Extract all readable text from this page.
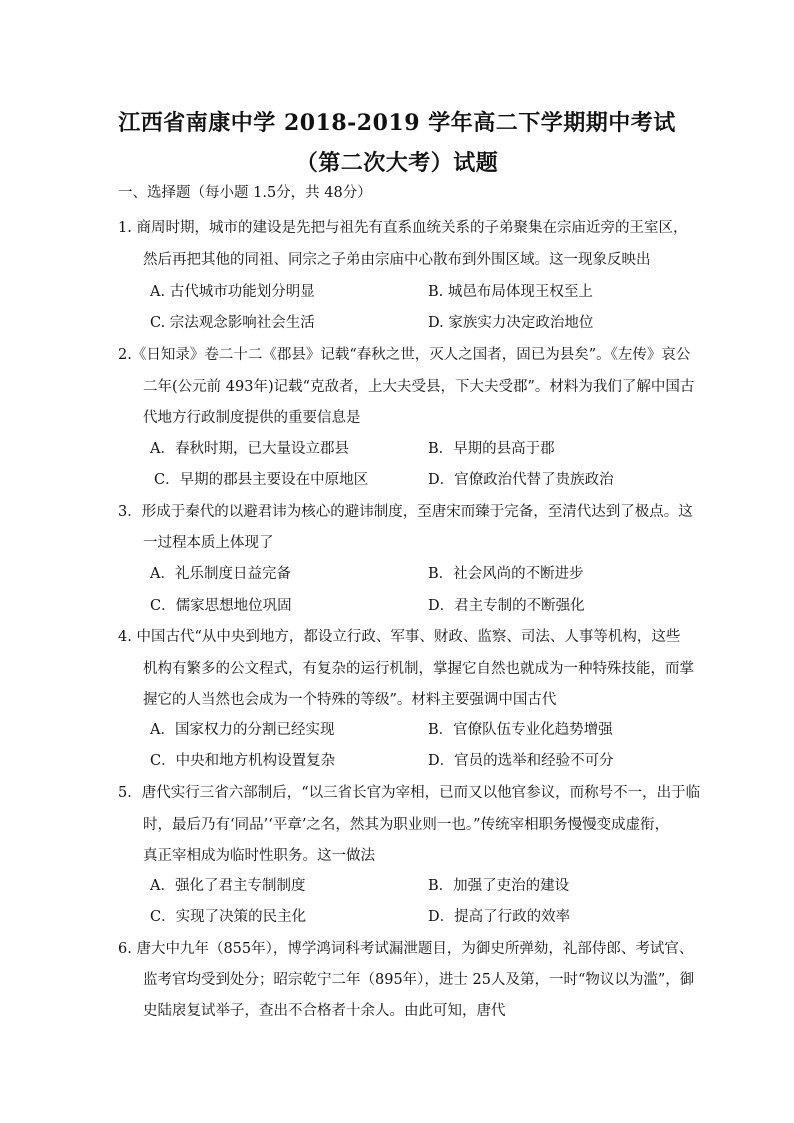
江西省南康中学 2018-2019 学年高二下学期期中考试
（第二次大考）试题
一、选择题（每小题 1.5分，共 48分）
1. 商周时期，城市的建设是先把与祖先有直系血统关系的子弟聚集在宗庙近旁的王室区，
然后再把其他的同祖、同宗之子弟由宗庙中心散布到外围区域。这一现象反映出
A. 古代城市功能划分明显	B. 城邑布局体现王权至上
C. 宗法观念影响社会生活	D. 家族实力决定政治地位
2.《日知录》卷二十二《郡县》记载“春秋之世，灭人之国者，固已为县矣”。《左传》哀公
二年(公元前 493年)记载“克敌者，上大夫受县，下大夫受郡”。材料为我们了解中国古
代地方行政制度提供的重要信息是
A．春秋时期，已大量设立郡县	B．早期的县高于郡
C．早期的郡县主要设在中原地区	D．官僚政治代替了贵族政治
3．形成于秦代的以避君讳为核心的避讳制度，至唐宋而臻于完备，至清代达到了极点。这
一过程本质上体现了
A．礼乐制度日益完备	B．社会风尚的不断进步
C．儒家思想地位巩固	D．君主专制的不断强化
4. 中国古代“从中央到地方，都设立行政、军事、财政、监察、司法、人事等机构，这些
机构有繁多的公文程式，有复杂的运行机制，掌握它自然也就成为一种特殊技能，而掌
握它的人当然也会成为一个特殊的等级”。材料主要强调中国古代
A．国家权力的分割已经实现	B．官僚队伍专业化趋势增强
C．中央和地方机构设置复杂	D．官员的选举和经验不可分
5．唐代实行三省六部制后，“以三省长官为宰相，已而又以他官参议，而称号不一，出于临
时，最后乃有‘同品’‘平章’之名，然其为职业则一也。”传统宰相职务慢慢变成虚衔，
真正宰相成为临时性职务。这一做法
A．强化了君主专制制度	B．加强了吏治的建设
C．实现了决策的民主化	D．提高了行政的效率
6. 唐大中九年（855年），博学鸿词科考试漏泄题目，为御史所弹劾，礼部侍郎、考试官、
监考官均受到处分；昭宗乾宁二年（895年），进士 25人及第，一时“物议以为滥”，御
史陆扆复试举子，查出不合格者十余人。由此可知，唐代
